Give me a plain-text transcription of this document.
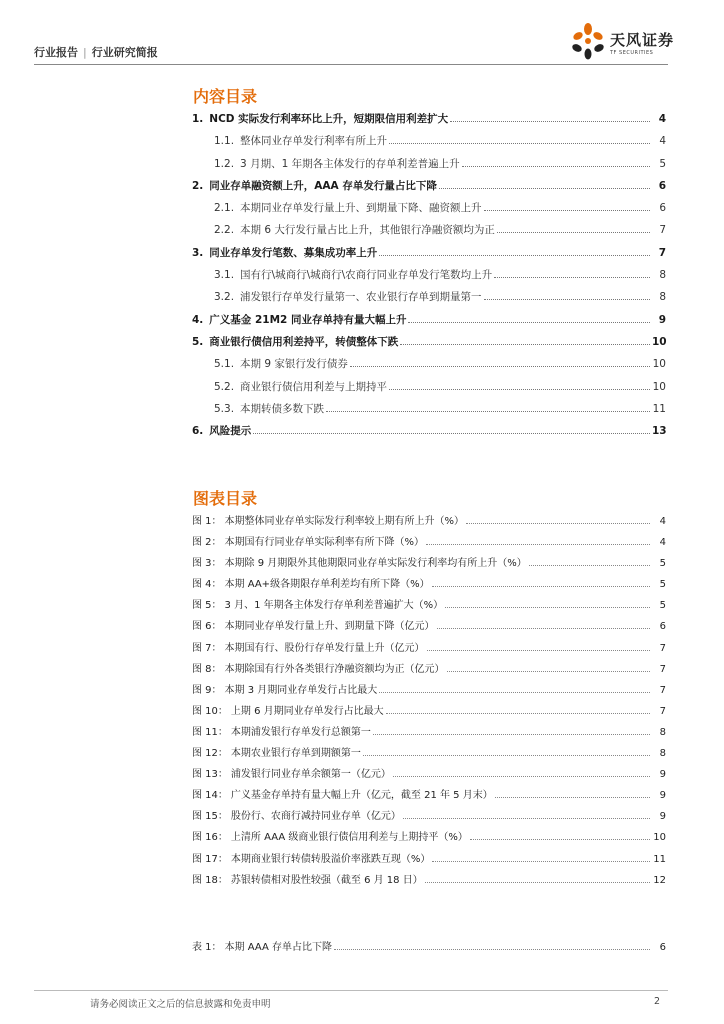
行业报告 | 行业研究简报
天风证券
TF SECURITIES
内容目录
1. NCD 实际发行利率环比上升，短期限信用利差扩大	4
1.1. 整体同业存单发行利率有所上升	4
1.2. 3 月期、1 年期各主体发行的存单利差普遍上升	5
2. 同业存单融资额上升，AAA 存单发行量占比下降	6
2.1. 本期同业存单发行量上升、到期量下降、融资额上升	6
2.2. 本期 6 大行发行量占比上升，其他银行净融资额均为正	7
3. 同业存单发行笔数、募集成功率上升	7
3.1. 国有行\城商行\城商行\农商行同业存单发行笔数均上升	8
3.2. 浦发银行存单发行量第一、农业银行存单到期量第一	8
4. 广义基金 21M2 同业存单持有量大幅上升	9
5. 商业银行债信用利差持平，转债整体下跌	10
5.1. 本期 9 家银行发行债券	10
5.2. 商业银行债信用利差与上期持平	10
5.3. 本期转债多数下跌	11
6. 风险提示	13
图表目录
图 1： 本期整体同业存单实际发行利率较上期有所上升（%）	4
图 2： 本期国有行同业存单实际利率有所下降（%）	4
图 3： 本期除 9 月期限外其他期限同业存单实际发行利率均有所上升（%）	5
图 4： 本期 AA+级各期限存单利差均有所下降（%）	5
图 5： 3 月、1 年期各主体发行存单利差普遍扩大（%）	5
图 6： 本期同业存单发行量上升、到期量下降（亿元）	6
图 7： 本期国有行、股份行存单发行量上升（亿元）	7
图 8： 本期除国有行外各类银行净融资额均为正（亿元）	7
图 9： 本期 3 月期同业存单发行占比最大	7
图 10： 上期 6 月期同业存单发行占比最大	7
图 11： 本期浦发银行存单发行总额第一	8
图 12： 本期农业银行存单到期额第一	8
图 13： 浦发银行同业存单余额第一（亿元）	9
图 14： 广义基金存单持有量大幅上升（亿元，截至 21 年 5 月末）	9
图 15： 股份行、农商行减持同业存单（亿元）	9
图 16： 上清所 AAA 级商业银行债信用利差与上期持平（%）	10
图 17： 本期商业银行转债转股溢价率涨跌互现（%）	11
图 18： 苏银转债相对股性较强（截至 6 月 18 日）	12
表 1： 本期 AAA 存单占比下降	6
请务必阅读正文之后的信息披露和免责申明	2
